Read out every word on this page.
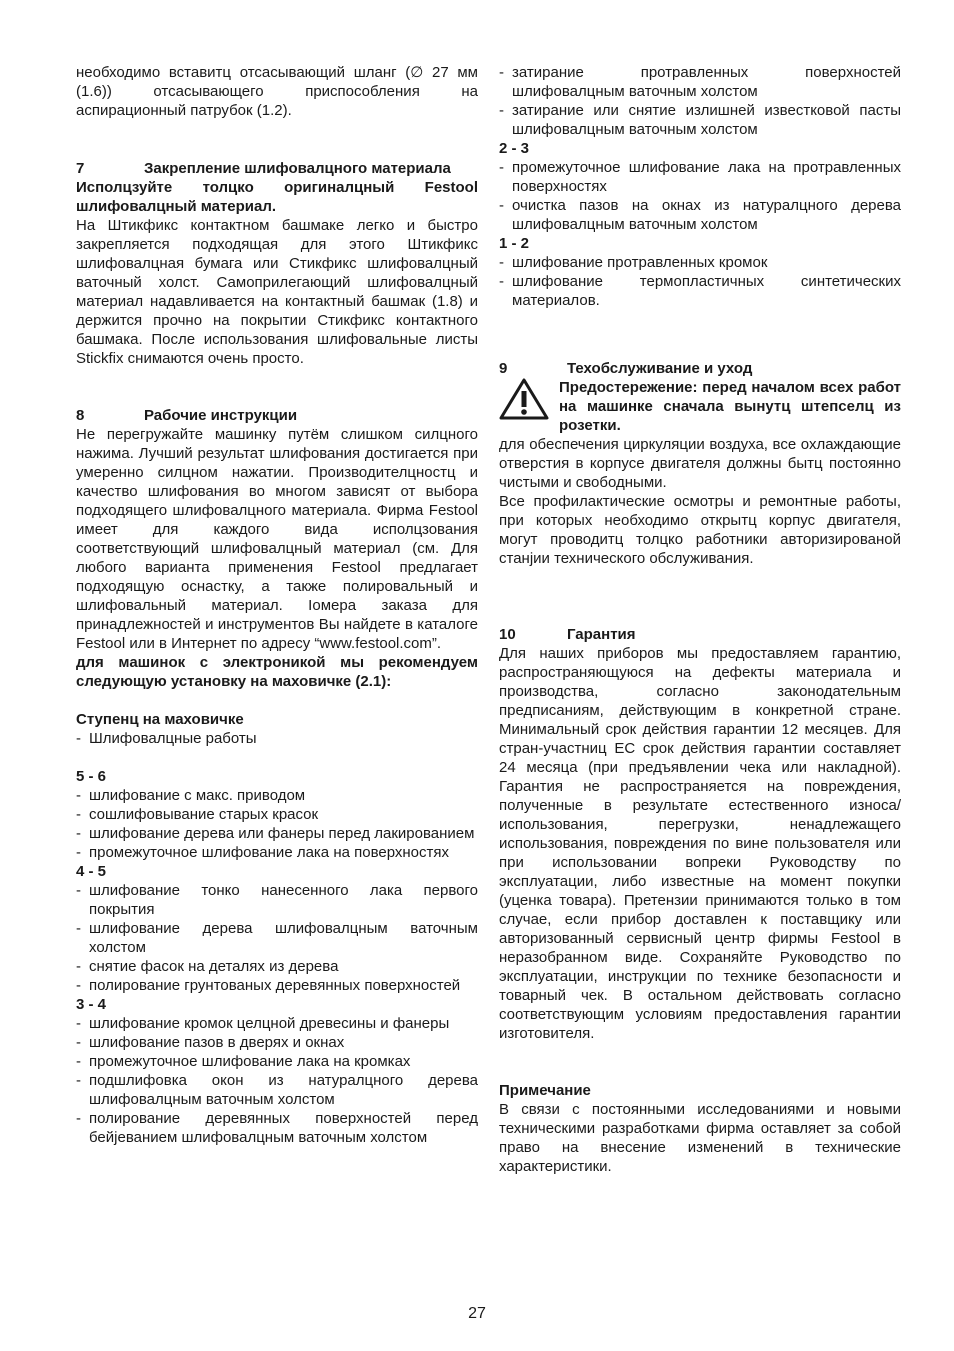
необходимо вставитц отсасывающий шланг (∅ 27 мм (1.6)) отсасывающего приспособления на аспирационный патрубок (1.2).

7	Закрепление шлифовалцного материала

Исполцзуйте толцко оригиналцный Festool шлифовалцный материал.

На Штикфикс контактном башмаке легко и быстро закрепляется подходящая для этого Штикфикс шлифовалцная бумага или Стикфикс шлифовалцный ваточный холст. Самоприлегающий шлифовалцный материал надавливается на контактный башмак (1.8) и держится прочно на покрытии Стикфикс контактного башмака. После использования шлифовальные листы Stickfix снимаются очень просто.

8	Рабочие инструкции

Не перегружайте машинку путём слишком силцного нажима. Лучший результат шлифования достигается при умеренно силцном нажатии. Производителцностц и качество шлифования во многом зависят от выбора подходящего шлифовалцного материала. Фирма Festool имеет для каждого вида исполцзования соответствующий шлифовалцный материал (см. Для любого варианта применения Festool предлагает подходящую оснастку, а также полировальный и шлифовальный материал. Іомера заказа для принадлежностей и инструментов Вы найдете в каталоге Festool или в Интернет по адресу “www.festool.com”.

для машинок с электроникой мы рекомендуем следующую установку на маховичке (2.1):

Ступенц на маховичке

- Шлифовалцные работы

5 - 6

- шлифование с макс. приводом
- сошлифовывание старых красок
- шлифование дерева или фанеры перед лакированием
- промежуточное шлифование лака на поверхностях

4 - 5

- шлифование тонко нанесенного лака первого покрытия
- шлифование дерева шлифовалцным ваточным холстом
- снятие фасок на деталях из дерева
- полирование грунтованых деревянных поверхностей

3 - 4

- шлифование кромок целцной древесины и фанеры
- шлифование пазов в дверях и окнах
- промежуточное шлифование лака на кромках
- подшлифовка окон из натуралцного дерева шлифовалцным ваточным холстом
- полирование деревянных поверхностей перед бейјеванием шлифовалцным ваточным холстом
- затирание протравленных поверхностей шлифовалцным ваточным холстом
- затирание или снятие излишней известковой пасты шлифовалцным ваточным холстом

2 - 3

- промежуточное шлифование лака на протравленных поверхностях
- очистка пазов на окнах из натуралцного дерева шлифовалцным ваточным холстом

1 - 2

- шлифование протравленных кромок
- шлифование термопластичных синтетических материалов.
9	Техобслуживание и уход

Предостережение: перед началом всех работ на машинке сначала вынутц штепселц из розетки.

для обеспечения циркуляции воздуха, все охлаждающие отверстия в корпусе двигателя должны бытц постоянно чистыми и свободными.

Все профилактические осмотры и ремонтные работы, при которых необходимо открытц корпус двигателя, могут проводитц толцко работники авторизированой станјии технического обслуживания.

10	Гарантия

Для наших приборов мы предоставляем гарантию, распространяющуюся на дефекты материала и производства, согласно законодательным предписаниям, действующим в конкретной стране. Минимальный срок действия гарантии 12 месяцев. Для стран-участниц ЕС срок действия гарантии составляет 24 месяца (при предъявлении чека или накладной). Гарантия не распространяется на повреждения, полученные в результате естественного износа/использования, перегрузки, ненадлежащего использования, повреждения по вине пользователя или при использовании вопреки Руководству по эксплуатации, либо известные на момент покупки (уценка товара). Претензии принимаются только в том случае, если прибор доставлен к поставщику или авторизованный сервисный центр фирмы Festool в неразобранном виде. Сохраняйте Руководство по эксплуатации, инструкции по технике безопасности и товарный чек. В остальном действовать согласно соответствующим условиям предоставления гарантии изготовителя.

Примечание

В связи с постоянными исследованиями и новыми техническими разработками фирма оставляет за собой право на внесение изменений в технические характеристики.

27
